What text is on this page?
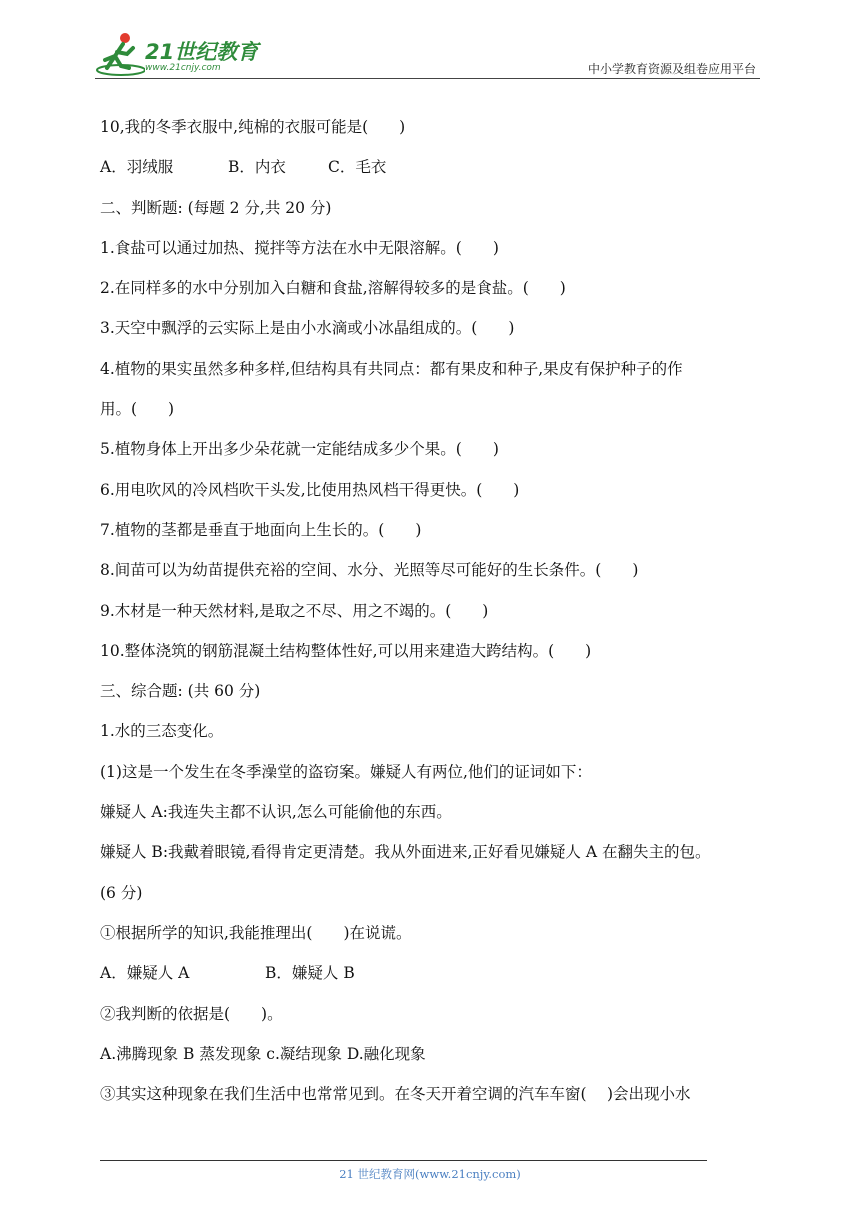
21世纪教育
www.21cnjy.com	中小学教育资源及组卷应用平台
10,我的冬季衣服中,纯棉的衣服可能是(　　)
A．羽绒服	B．内衣	C．毛衣
二、判断题: (每题 2 分,共 20 分)
1.食盐可以通过加热、搅拌等方法在水中无限溶解。(　　)
2.在同样多的水中分别加入白糖和食盐,溶解得较多的是食盐。(　　)
3.天空中飘浮的云实际上是由小水滴或小冰晶组成的。(　　)
4.植物的果实虽然多种多样,但结构具有共同点：都有果皮和种子,果皮有保护种子的作
用。(　　)
5.植物身体上开出多少朵花就一定能结成多少个果。(　　)
6.用电吹风的冷风档吹干头发,比使用热风档干得更快。(　　)
7.植物的茎都是垂直于地面向上生长的。(　　)
8.间苗可以为幼苗提供充裕的空间、水分、光照等尽可能好的生长条件。(　　)
9.木材是一种天然材料,是取之不尽、用之不竭的。(　　)
10.整体浇筑的钢筋混凝土结构整体性好,可以用来建造大跨结构。(　　)
三、综合题: (共 60 分)
1.水的三态变化。
(1)这是一个发生在冬季澡堂的盗窃案。嫌疑人有两位,他们的证词如下：
嫌疑人 A:我连失主都不认识,怎么可能偷他的东西。
嫌疑人 B:我戴着眼镜,看得肯定更清楚。我从外面进来,正好看见嫌疑人 A 在翻失主的包。
(6 分)
①根据所学的知识,我能推理出(　　)在说谎。
A．嫌疑人 A	B．嫌疑人 B
②我判断的依据是(　　)。
A.沸腾现象 B 蒸发现象 c.凝结现象 D.融化现象
③其实这种现象在我们生活中也常常见到。在冬天开着空调的汽车车窗(　 )会出现小水
21 世纪教育网(www.21cnjy.com)
